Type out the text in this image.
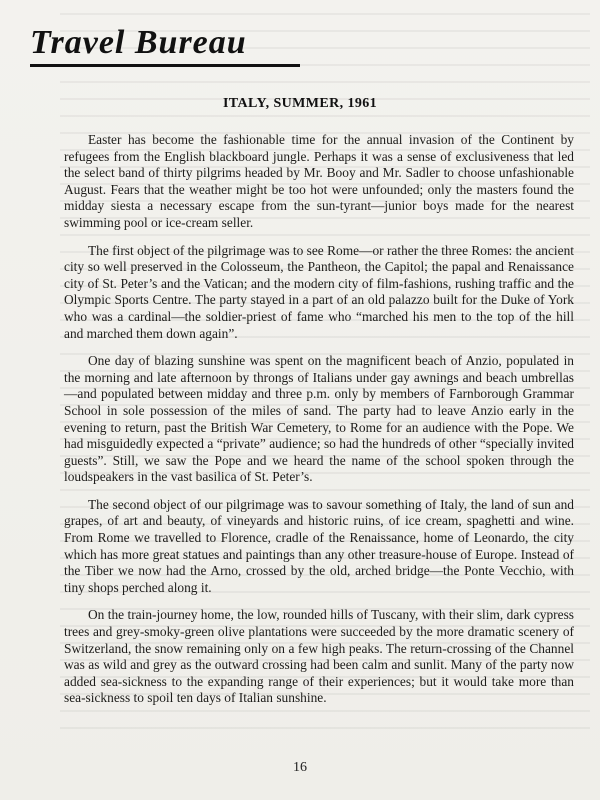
Travel Bureau
ITALY, SUMMER, 1961

Easter has become the fashionable time for the annual invasion of the Continent by refugees from the English blackboard jungle. Perhaps it was a sense of exclusiveness that led the select band of thirty pilgrims headed by Mr. Booy and Mr. Sadler to choose unfashionable August. Fears that the weather might be too hot were unfounded; only the masters found the midday siesta a necessary escape from the sun-tyrant—junior boys made for the nearest swimming pool or ice-cream seller.

The first object of the pilgrimage was to see Rome—or rather the three Romes: the ancient city so well preserved in the Colosseum, the Pantheon, the Capitol; the papal and Renaissance city of St. Peter’s and the Vatican; and the modern city of film-fashions, rushing traffic and the Olympic Sports Centre. The party stayed in a part of an old palazzo built for the Duke of York who was a cardinal—the soldier-priest of fame who “marched his men to the top of the hill and marched them down again”.

One day of blazing sunshine was spent on the magnificent beach of Anzio, populated in the morning and late afternoon by throngs of Italians under gay awnings and beach umbrellas—and populated between midday and three p.m. only by members of Farnborough Grammar School in sole possession of the miles of sand. The party had to leave Anzio early in the evening to return, past the British War Cemetery, to Rome for an audience with the Pope. We had misguidedly expected a “private” audience; so had the hundreds of other “specially invited guests”. Still, we saw the Pope and we heard the name of the school spoken through the loudspeakers in the vast basilica of St. Peter’s.

The second object of our pilgrimage was to savour something of Italy, the land of sun and grapes, of art and beauty, of vineyards and historic ruins, of ice cream, spaghetti and wine. From Rome we travelled to Florence, cradle of the Renaissance, home of Leonardo, the city which has more great statues and paintings than any other treasure-house of Europe. Instead of the Tiber we now had the Arno, crossed by the old, arched bridge—the Ponte Vecchio, with tiny shops perched along it.

On the train-journey home, the low, rounded hills of Tuscany, with their slim, dark cypress trees and grey-smoky-green olive plantations were succeeded by the more dramatic scenery of Switzerland, the snow remaining only on a few high peaks. The return-crossing of the Channel was as wild and grey as the outward crossing had been calm and sunlit. Many of the party now added sea-sickness to the expanding range of their experiences; but it would take more than sea-sickness to spoil ten days of Italian sunshine.

16
